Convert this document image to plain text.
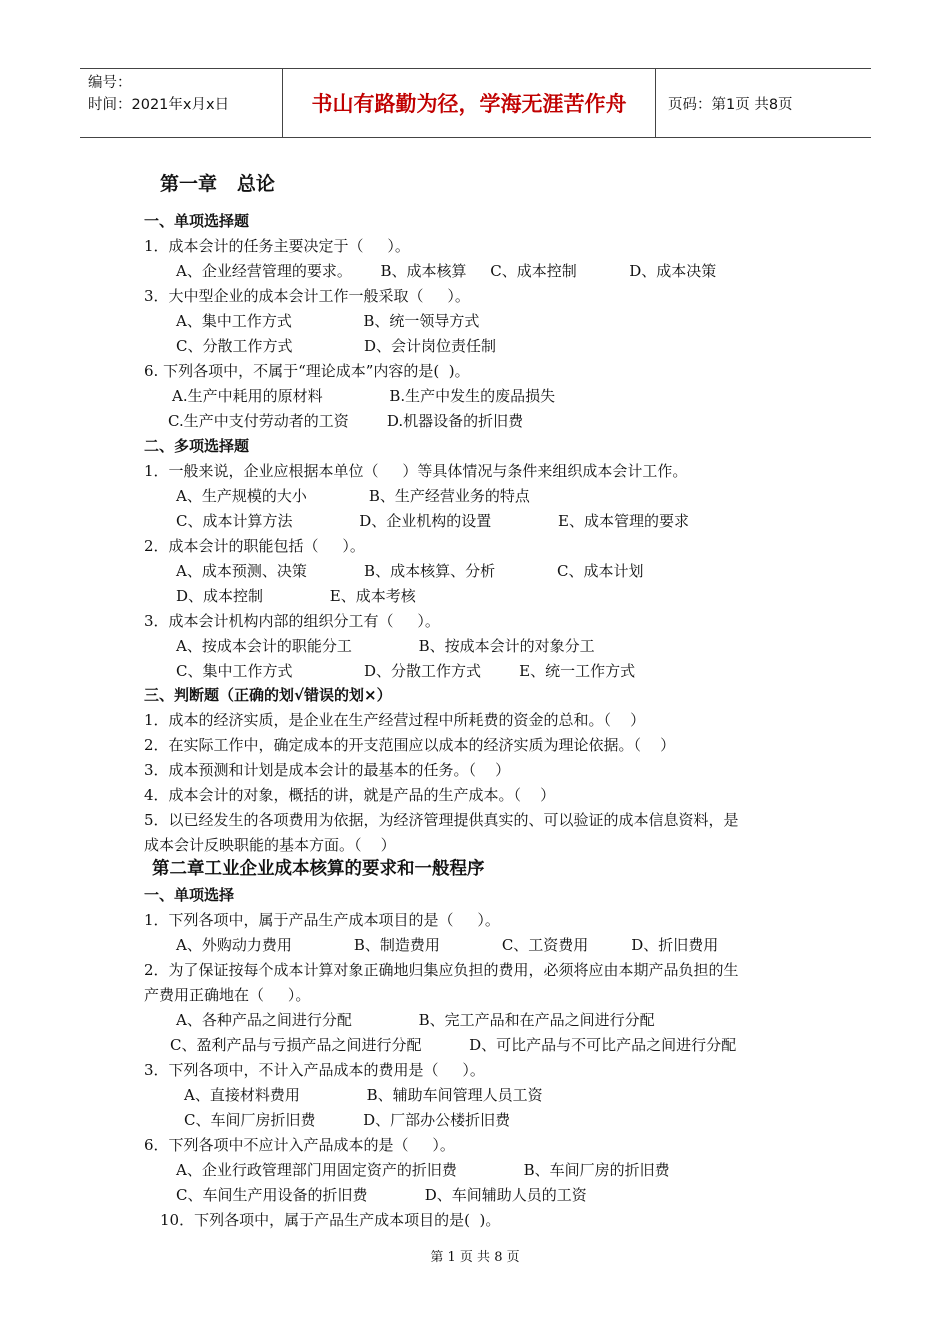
编号：
时间：2021年x月x日	书山有路勤为径，学海无涯苦作舟	页码：第1页 共8页
第一章   总论
一、单项选择题
1．成本会计的任务主要决定于（     ）。
A、企业经营管理的要求。      B、成本核算     C、成本控制           D、成本决策
3．大中型企业的成本会计工作一般采取（     ）。
A、集中工作方式               B、统一领导方式
C、分散工作方式               D、会计岗位责任制
6. 下列各项中，不属于“理论成本”内容的是(  )。
A.生产中耗用的原材料              B.生产中发生的废品损失
C.生产中支付劳动者的工资        D.机器设备的折旧费
二、多项选择题
1．一般来说，企业应根据本单位（     ）等具体情况与条件来组织成本会计工作。
A、生产规模的大小             B、生产经营业务的特点
C、成本计算方法              D、企业机构的设置              E、成本管理的要求
2．成本会计的职能包括（     ）。
A、成本预测、决策            B、成本核算、分析             C、成本计划
D、成本控制              E、成本考核
3．成本会计机构内部的组织分工有（     ）。
A、按成本会计的职能分工              B、按成本会计的对象分工
C、集中工作方式               D、分散工作方式        E、统一工作方式
三、判断题（正确的划√错误的划×）
1．成本的经济实质，是企业在生产经营过程中所耗费的资金的总和。（    ）
2．在实际工作中，确定成本的开支范围应以成本的经济实质为理论依据。（    ）
3．成本预测和计划是成本会计的最基本的任务。（    ）
4．成本会计的对象，概括的讲，就是产品的生产成本。（    ）
5．以已经发生的各项费用为依据，为经济管理提供真实的、可以验证的成本信息资料，是
成本会计反映职能的基本方面。（    ）
第二章工业企业成本核算的要求和一般程序
一、单项选择
1．下列各项中，属于产品生产成本项目的是（     ）。
A、外购动力费用             B、制造费用             C、工资费用         D、折旧费用
2．为了保证按每个成本计算对象正确地归集应负担的费用，必须将应由本期产品负担的生
产费用正确地在（     ）。
A、各种产品之间进行分配              B、完工产品和在产品之间进行分配
C、盈利产品与亏损产品之间进行分配          D、可比产品与不可比产品之间进行分配
3．下列各项中，不计入产品成本的费用是（     ）。
A、直接材料费用              B、辅助车间管理人员工资
C、车间厂房折旧费          D、厂部办公楼折旧费
6．下列各项中不应计入产品成本的是（     ）。
A、企业行政管理部门用固定资产的折旧费              B、车间厂房的折旧费
C、车间生产用设备的折旧费            D、车间辅助人员的工资
10．下列各项中，属于产品生产成本项目的是(  )。
第 1 页 共 8 页
